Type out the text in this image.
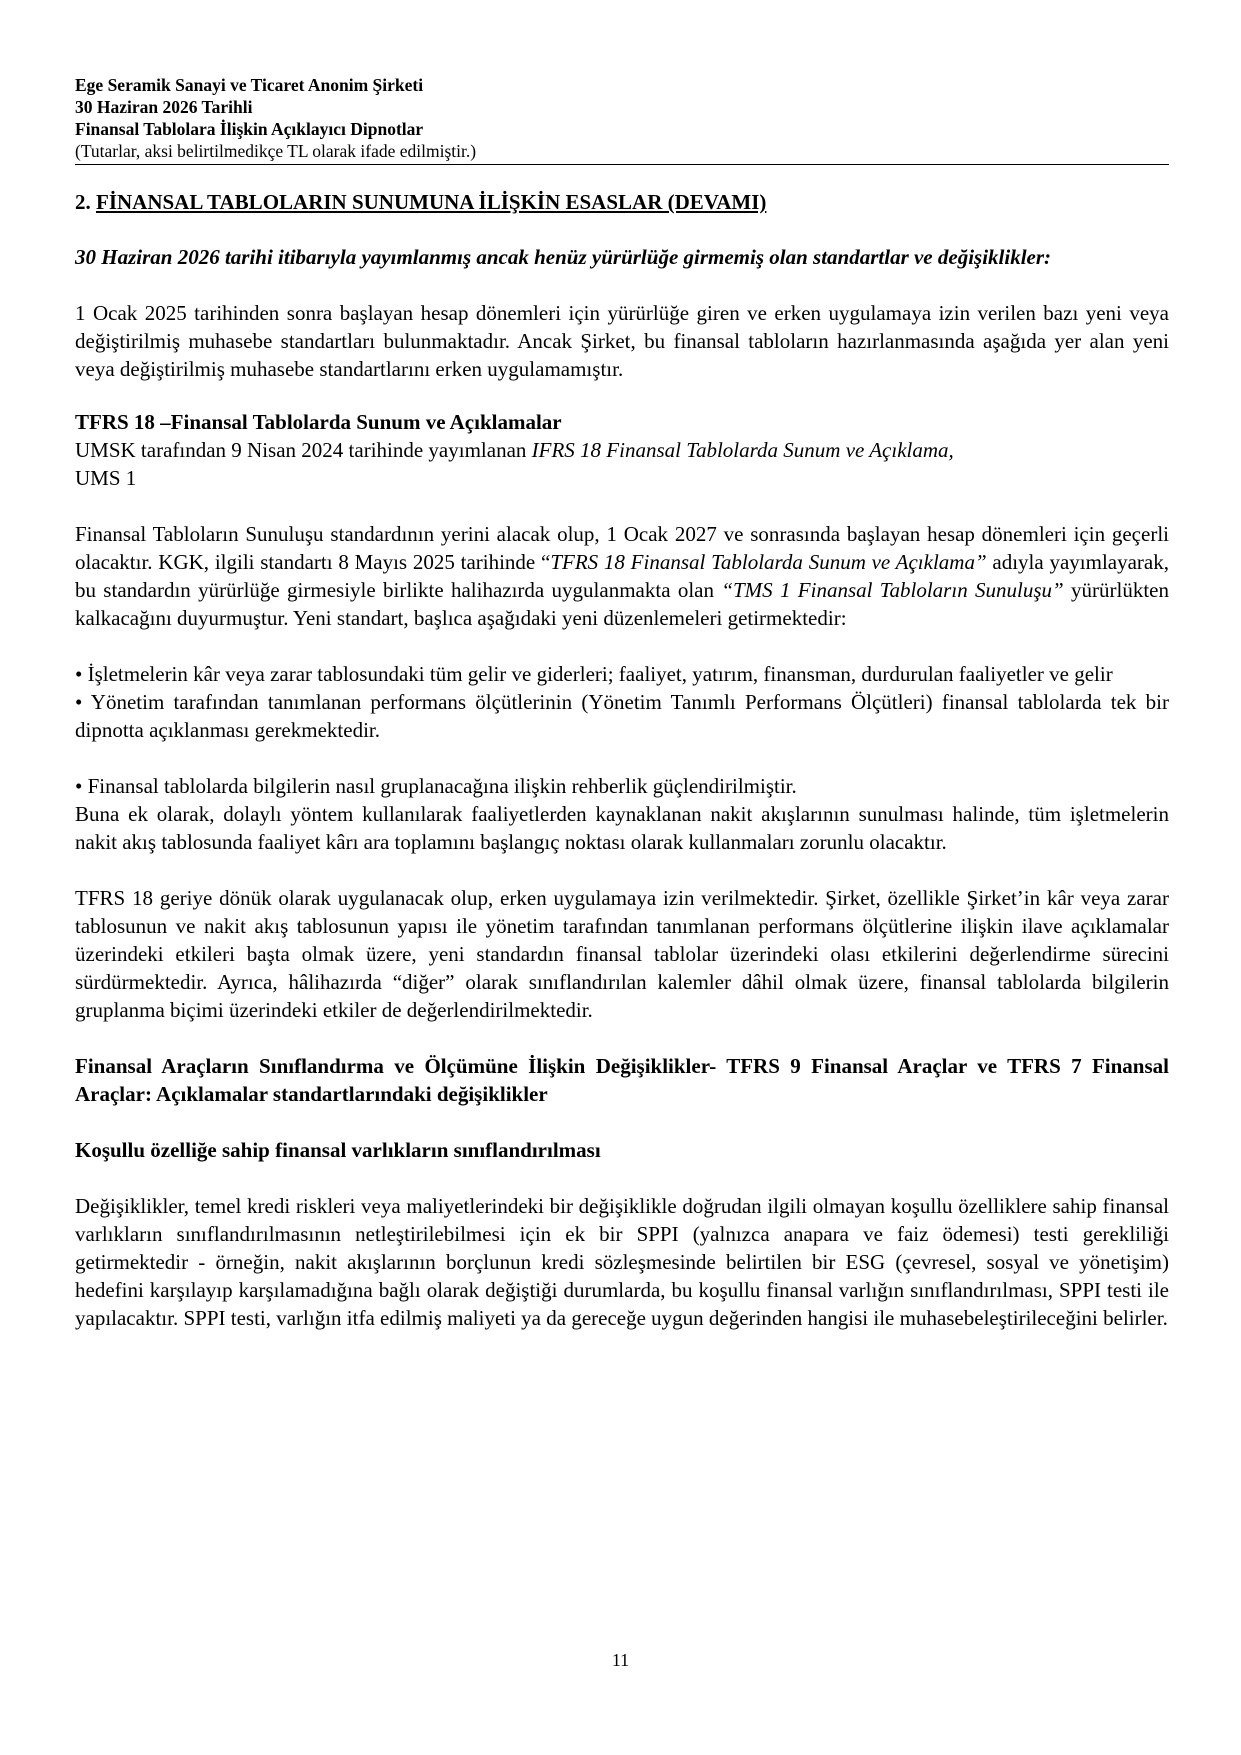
Ege Seramik Sanayi ve Ticaret Anonim Şirketi
30 Haziran 2026 Tarihli
Finansal Tablolara İlişkin Açıklayıcı Dipnotlar
(Tutarlar, aksi belirtilmedikçe TL olarak ifade edilmiştir.)
2. FİNANSAL TABLOLARIN SUNUMUNA İLİŞKİN ESASLAR (DEVAMI)
30 Haziran 2026 tarihi itibarıyla yayımlanmış ancak henüz yürürlüğe girmemiş olan standartlar ve değişiklikler:

1 Ocak 2025 tarihinden sonra başlayan hesap dönemleri için yürürlüğe giren ve erken uygulamaya izin verilen bazı yeni veya değiştirilmiş muhasebe standartları bulunmaktadır. Ancak Şirket, bu finansal tabloların hazırlanmasında aşağıda yer alan yeni veya değiştirilmiş muhasebe standartlarını erken uygulamamıştır.

TFRS 18 –Finansal Tablolarda Sunum ve Açıklamalar

UMSK tarafından 9 Nisan 2024 tarihinde yayımlanan IFRS 18 Finansal Tablolarda Sunum ve Açıklama,
UMS 1

Finansal Tabloların Sunuluşu standardının yerini alacak olup, 1 Ocak 2027 ve sonrasında başlayan hesap dönemleri için geçerli olacaktır. KGK, ilgili standartı 8 Mayıs 2025 tarihinde “TFRS 18 Finansal Tablolarda Sunum ve Açıklama” adıyla yayımlayarak, bu standardın yürürlüğe girmesiyle birlikte halihazırda uygulanmakta olan “TMS 1 Finansal Tabloların Sunuluşu” yürürlükten kalkacağını duyurmuştur. Yeni standart, başlıca aşağıdaki yeni düzenlemeleri getirmektedir:

• İşletmelerin kâr veya zarar tablosundaki tüm gelir ve giderleri; faaliyet, yatırım, finansman, durdurulan faaliyetler ve gelir

• Yönetim tarafından tanımlanan performans ölçütlerinin (Yönetim Tanımlı Performans Ölçütleri) finansal tablolarda tek bir dipnotta açıklanması gerekmektedir.

• Finansal tablolarda bilgilerin nasıl gruplanacağına ilişkin rehberlik güçlendirilmiştir.

Buna ek olarak, dolaylı yöntem kullanılarak faaliyetlerden kaynaklanan nakit akışlarının sunulması halinde, tüm işletmelerin nakit akış tablosunda faaliyet kârı ara toplamını başlangıç noktası olarak kullanmaları zorunlu olacaktır.

TFRS 18 geriye dönük olarak uygulanacak olup, erken uygulamaya izin verilmektedir. Şirket, özellikle Şirket’in kâr veya zarar tablosunun ve nakit akış tablosunun yapısı ile yönetim tarafından tanımlanan performans ölçütlerine ilişkin ilave açıklamalar üzerindeki etkileri başta olmak üzere, yeni standardın finansal tablolar üzerindeki olası etkilerini değerlendirme sürecini sürdürmektedir. Ayrıca, hâlihazırda “diğer” olarak sınıflandırılan kalemler dâhil olmak üzere, finansal tablolarda bilgilerin gruplanma biçimi üzerindeki etkiler de değerlendirilmektedir.

Finansal Araçların Sınıflandırma ve Ölçümüne İlişkin Değişiklikler- TFRS 9 Finansal Araçlar ve TFRS 7 Finansal Araçlar: Açıklamalar standartlarındaki değişiklikler
Koşullu özelliğe sahip finansal varlıkların sınıflandırılması

Değişiklikler, temel kredi riskleri veya maliyetlerindeki bir değişiklikle doğrudan ilgili olmayan koşullu özelliklere sahip finansal varlıkların sınıflandırılmasının netleştirilebilmesi için ek bir SPPI (yalnızca anapara ve faiz ödemesi) testi gerekliliği getirmektedir - örneğin, nakit akışlarının borçlunun kredi sözleşmesinde belirtilen bir ESG (çevresel, sosyal ve yönetişim) hedefini karşılayıp karşılamadığına bağlı olarak değiştiği durumlarda, bu koşullu finansal varlığın sınıflandırılması, SPPI testi ile yapılacaktır. SPPI testi, varlığın itfa edilmiş maliyeti ya da gereceğe uygun değerinden hangisi ile muhasebeleştirileceğini belirler.

11
